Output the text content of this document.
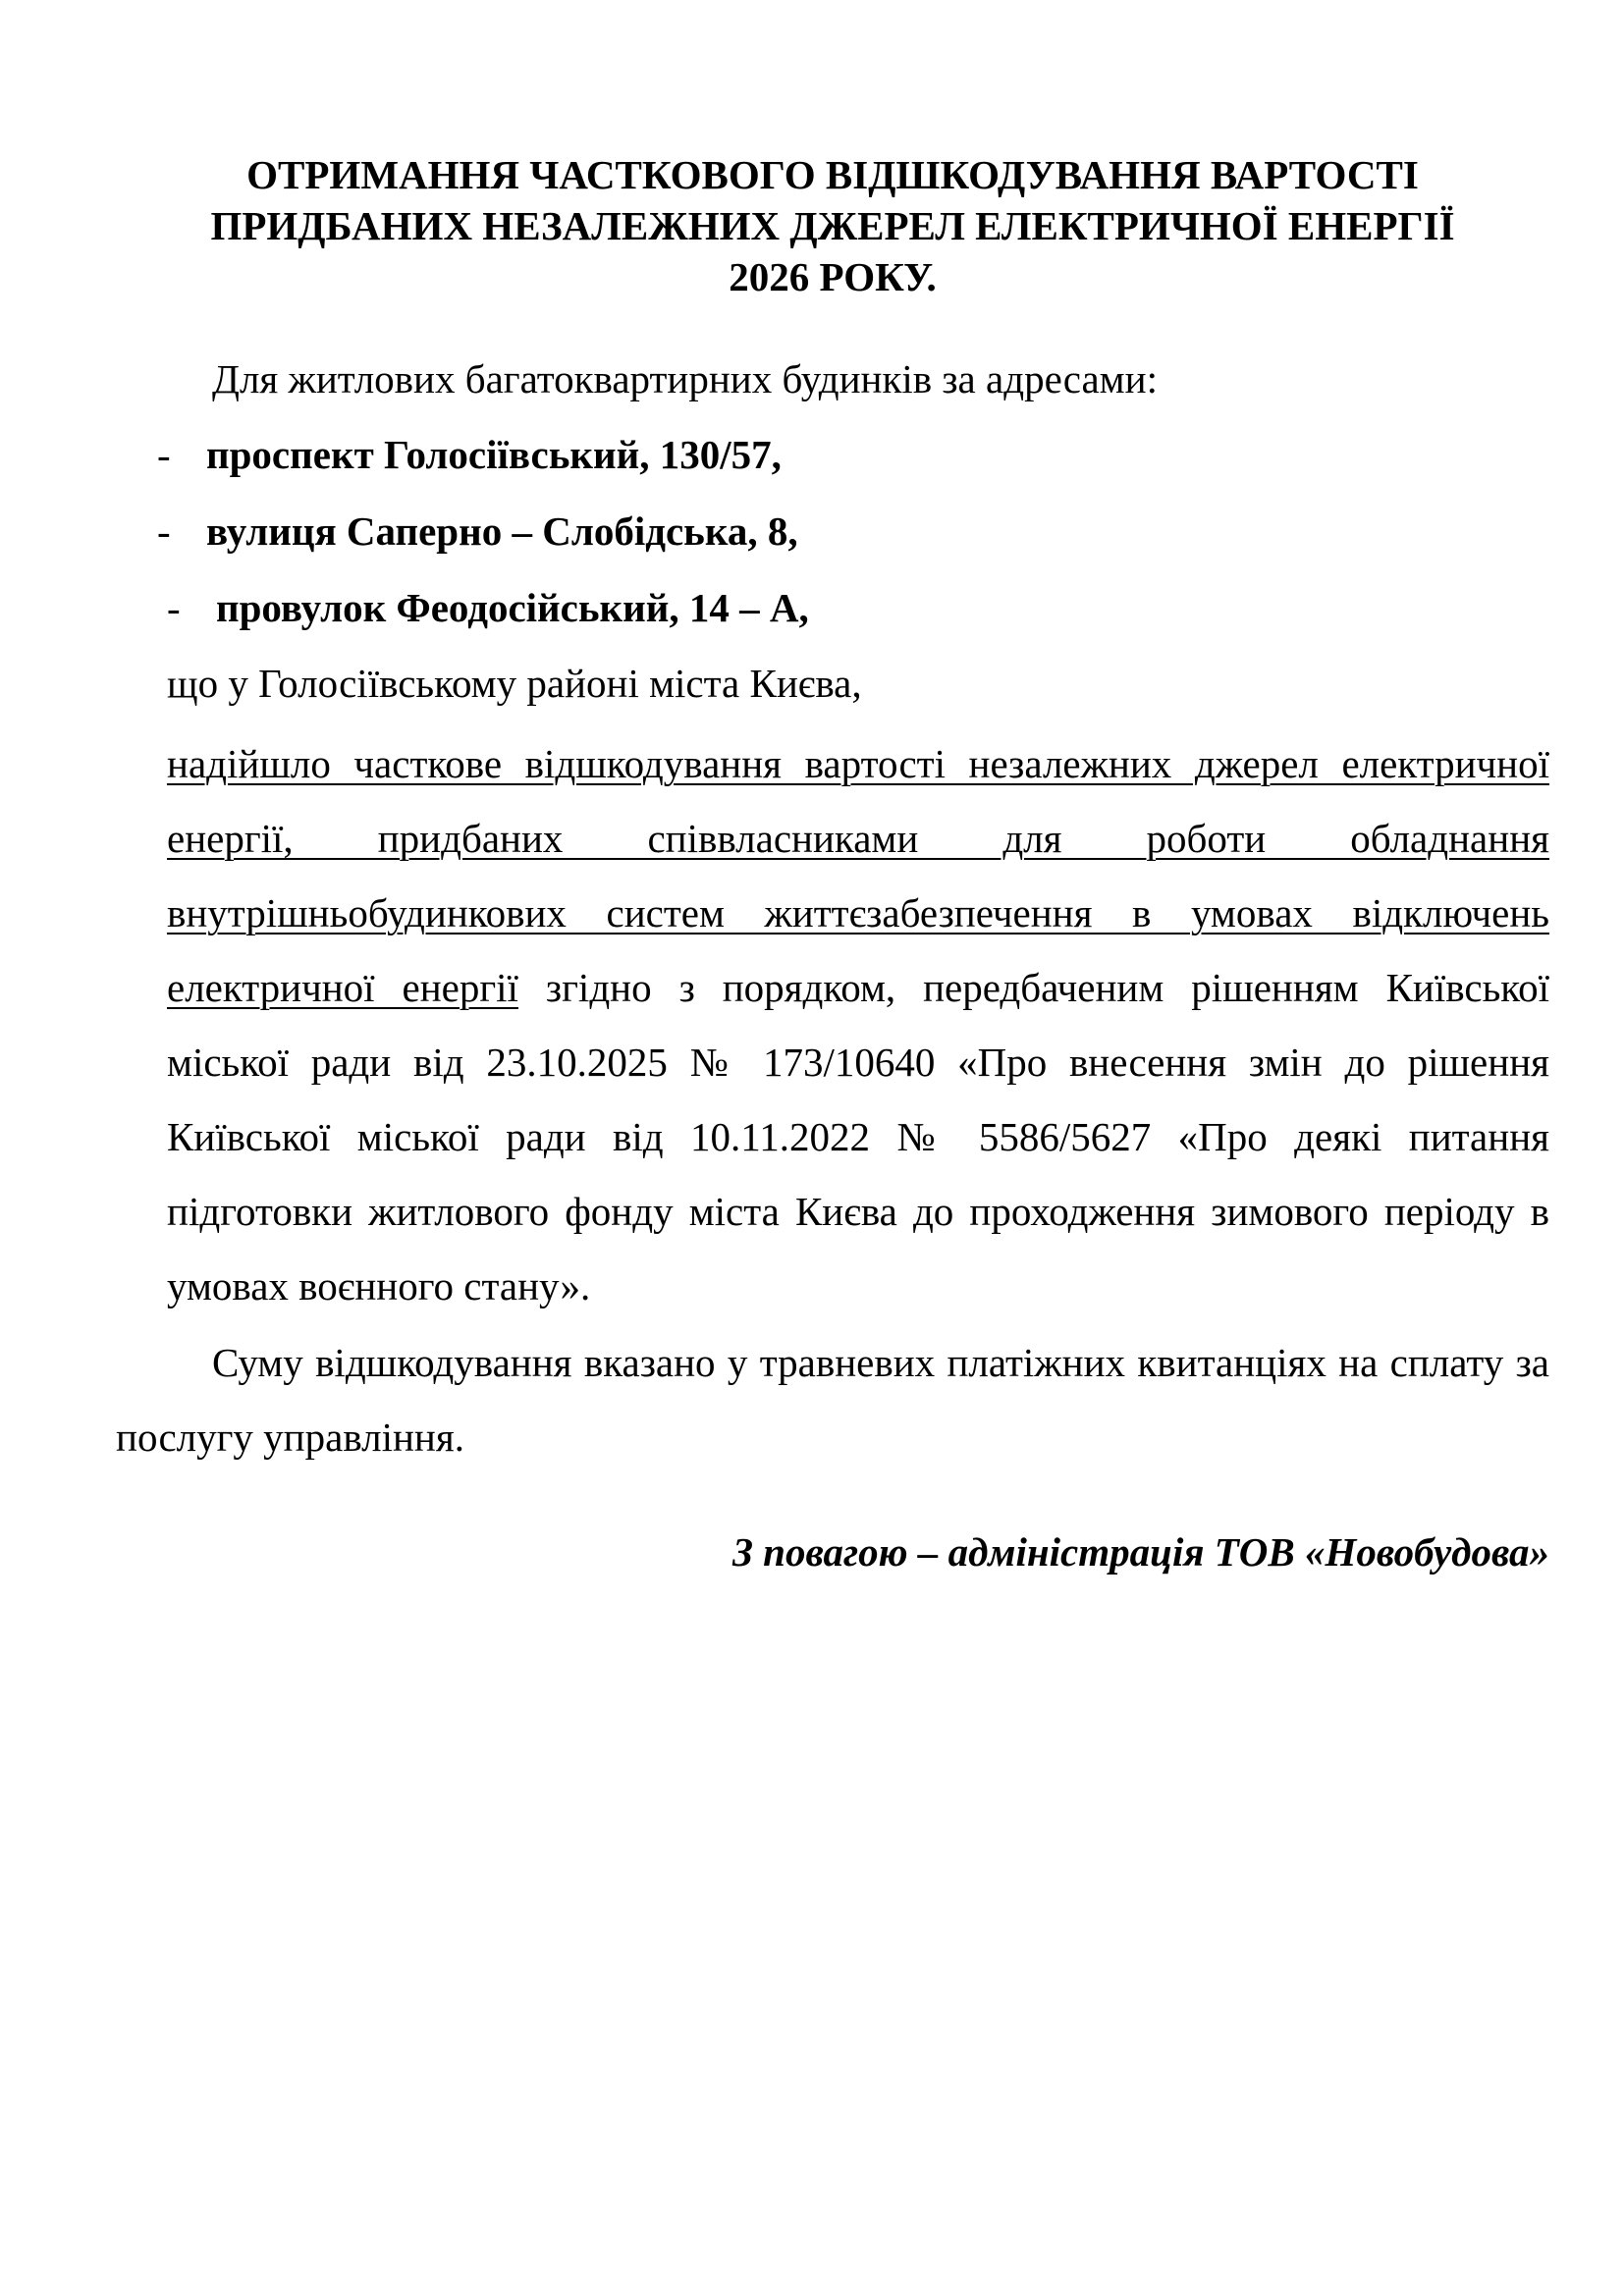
ОТРИМАННЯ ЧАСТКОВОГО ВІДШКОДУВАННЯ ВАРТОСТІ
ПРИДБАНИХ НЕЗАЛЕЖНИХ ДЖЕРЕЛ ЕЛЕКТРИЧНОЇ ЕНЕРГІЇ
2026 РОКУ.
Для житлових багатоквартирних будинків за адресами:
- проспект Голосіївський, 130/57,
- вулиця Саперно – Слобідська, 8,
- провулок Феодосійський, 14 – А,
що у Голосіївському районі міста Києва,
надійшло часткове відшкодування вартості незалежних джерел електричної енергії, придбаних співвласниками для роботи обладнання внутрішньобудинкових систем життєзабезпечення в умовах відключень електричної енергії згідно з порядком, передбаченим рішенням Київської міської ради від 23.10.2025 № 173/10640 «Про внесення змін до рішення Київської міської ради від 10.11.2022 № 5586/5627 «Про деякі питання підготовки житлового фонду міста Києва до проходження зимового періоду в умовах воєнного стану».
Суму відшкодування вказано у травневих платіжних квитанціях на сплату за послугу управління.
З повагою – адміністрація ТОВ «Новобудова»
